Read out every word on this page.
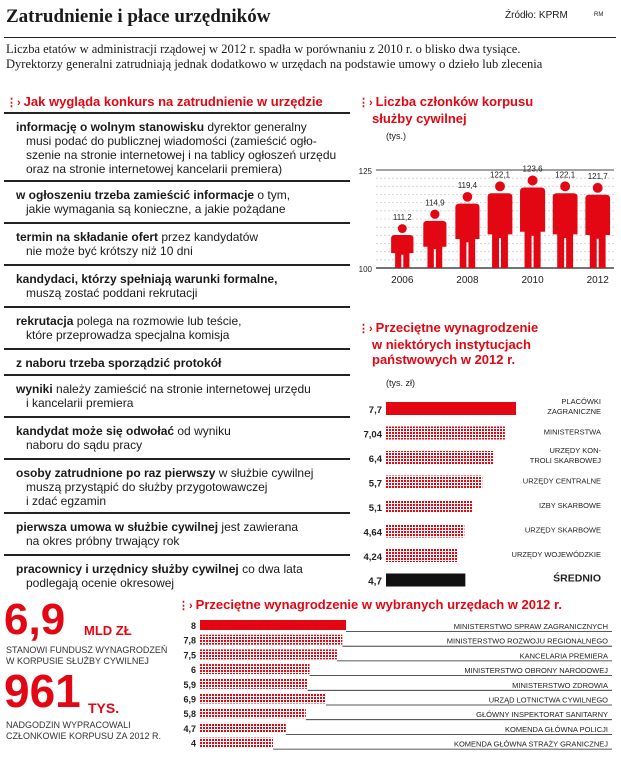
Zatrudnienie i płace urzędników	Źródło: KPRM	RM
Liczba etatów w administracji rządowej w 2012 r. spadła w porównaniu z 2010 r. o blisko dwa tysiące.
Dyrektorzy generalni zatrudniają jednak dodatkowo w urzędach na podstawie umowy o dzieło lub zlecenia
⋮› Jak wygląda konkurs na zatrudnienie w urzędzie
informację o wolnym stanowisku dyrektor generalny
musi podać do publicznej wiadomości (zamieścić ogło-
szenie na stronie internetowej i na tablicy ogłoszeń urzędu
oraz na stronie internetowej kancelarii premiera)
w ogłoszeniu trzeba zamieścić informacje o tym,
jakie wymagania są konieczne, a jakie pożądane
termin na składanie ofert przez kandydatów
nie może być krótszy niż 10 dni
kandydaci, którzy spełniają warunki formalne,
muszą zostać poddani rekrutacji
rekrutacja polega na rozmowie lub teście,
które przeprowadza specjalna komisja
z naboru trzeba sporządzić protokół
wyniki należy zamieścić na stronie internetowej urzędu
i kancelarii premiera
kandydat może się odwołać od wyniku
naboru do sądu pracy
osoby zatrudnione po raz pierwszy w służbie cywilnej
muszą przystąpić do służby przygotowawczej
i zdać egzamin
pierwsza umowa w służbie cywilnej jest zawierana
na okres próbny trwający rok
pracownicy i urzędnicy służby cywilnej co dwa lata
podlegają ocenie okresowej
6,9 MLD ZŁ
STANOWI FUNDUSZ WYNAGRODZEŃ
W KORPUSIE SŁUŻBY CYWILNEJ
961 TYS.
NADGODZIN WYPRACOWALI
CZŁONKOWIE KORPUSU ZA 2012 R.
⋮› Liczba członków korpusu
służby cywilnej
(tys.)
125
100
111,2
2006
114,9
119,4
2008
122,1
123,6
2010
122,1 121,7
2012
⋮› Przeciętne wynagrodzenie
w niektórych instytucjach
państwowych w 2012 r.
(tys. zł)
7,7
PLACÓWKI
ZAGRANICZNE
7,04	MINISTERSTWA
6,4
URZĘDY KON-
TROLI SKARBOWEJ
5,7	URZĘDY CENTRALNE
5,1	IZBY SKARBOWE
4,64	URZĘDY SKARBOWE
4,24	URZĘDY WOJEWÓDZKIE
4,7	ŚREDNIO
⋮› Przeciętne wynagrodzenie w wybranych urzędach w 2012 r.
8	MINISTERSTWO SPRAW ZAGRANICZNYCH
7,8	MINISTERSTWO ROZWOJU REGIONALNEGO
7,5	KANCELARIA PREMIERA
6	MINISTERSTWO OBRONY NARODOWEJ
5,9	MINISTERSTWO ZDROWIA
6,9	URZĄD LOTNICTWA CYWILNEGO
5,8	GŁÓWNY INSPEKTORAT SANITARNY
4,7	KOMENDA GŁÓWNA POLICJI
4	KOMENDA GŁÓWNA STRAŻY GRANICZNEJ
